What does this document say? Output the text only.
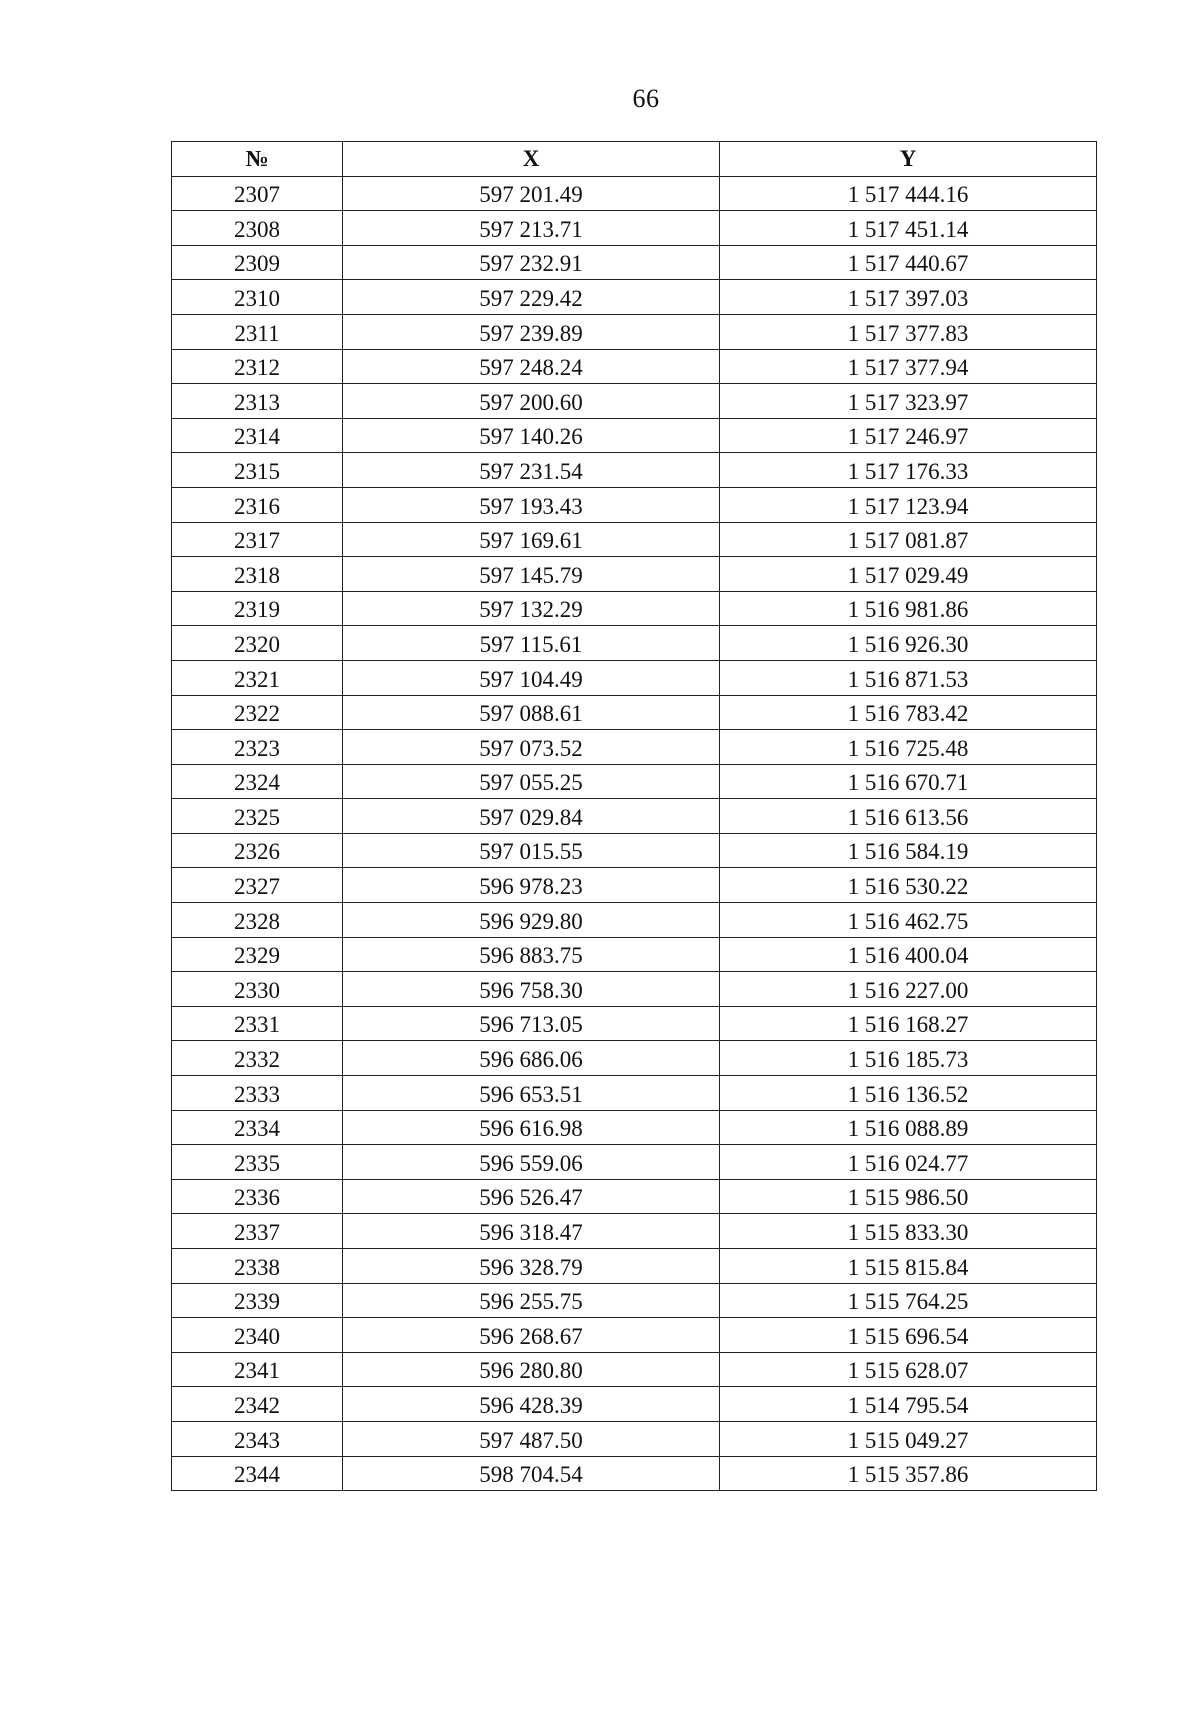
66
№	X	Y
2307	597 201.49	1 517 444.16
2308	597 213.71	1 517 451.14
2309	597 232.91	1 517 440.67
2310	597 229.42	1 517 397.03
2311	597 239.89	1 517 377.83
2312	597 248.24	1 517 377.94
2313	597 200.60	1 517 323.97
2314	597 140.26	1 517 246.97
2315	597 231.54	1 517 176.33
2316	597 193.43	1 517 123.94
2317	597 169.61	1 517 081.87
2318	597 145.79	1 517 029.49
2319	597 132.29	1 516 981.86
2320	597 115.61	1 516 926.30
2321	597 104.49	1 516 871.53
2322	597 088.61	1 516 783.42
2323	597 073.52	1 516 725.48
2324	597 055.25	1 516 670.71
2325	597 029.84	1 516 613.56
2326	597 015.55	1 516 584.19
2327	596 978.23	1 516 530.22
2328	596 929.80	1 516 462.75
2329	596 883.75	1 516 400.04
2330	596 758.30	1 516 227.00
2331	596 713.05	1 516 168.27
2332	596 686.06	1 516 185.73
2333	596 653.51	1 516 136.52
2334	596 616.98	1 516 088.89
2335	596 559.06	1 516 024.77
2336	596 526.47	1 515 986.50
2337	596 318.47	1 515 833.30
2338	596 328.79	1 515 815.84
2339	596 255.75	1 515 764.25
2340	596 268.67	1 515 696.54
2341	596 280.80	1 515 628.07
2342	596 428.39	1 514 795.54
2343	597 487.50	1 515 049.27
2344	598 704.54	1 515 357.86
